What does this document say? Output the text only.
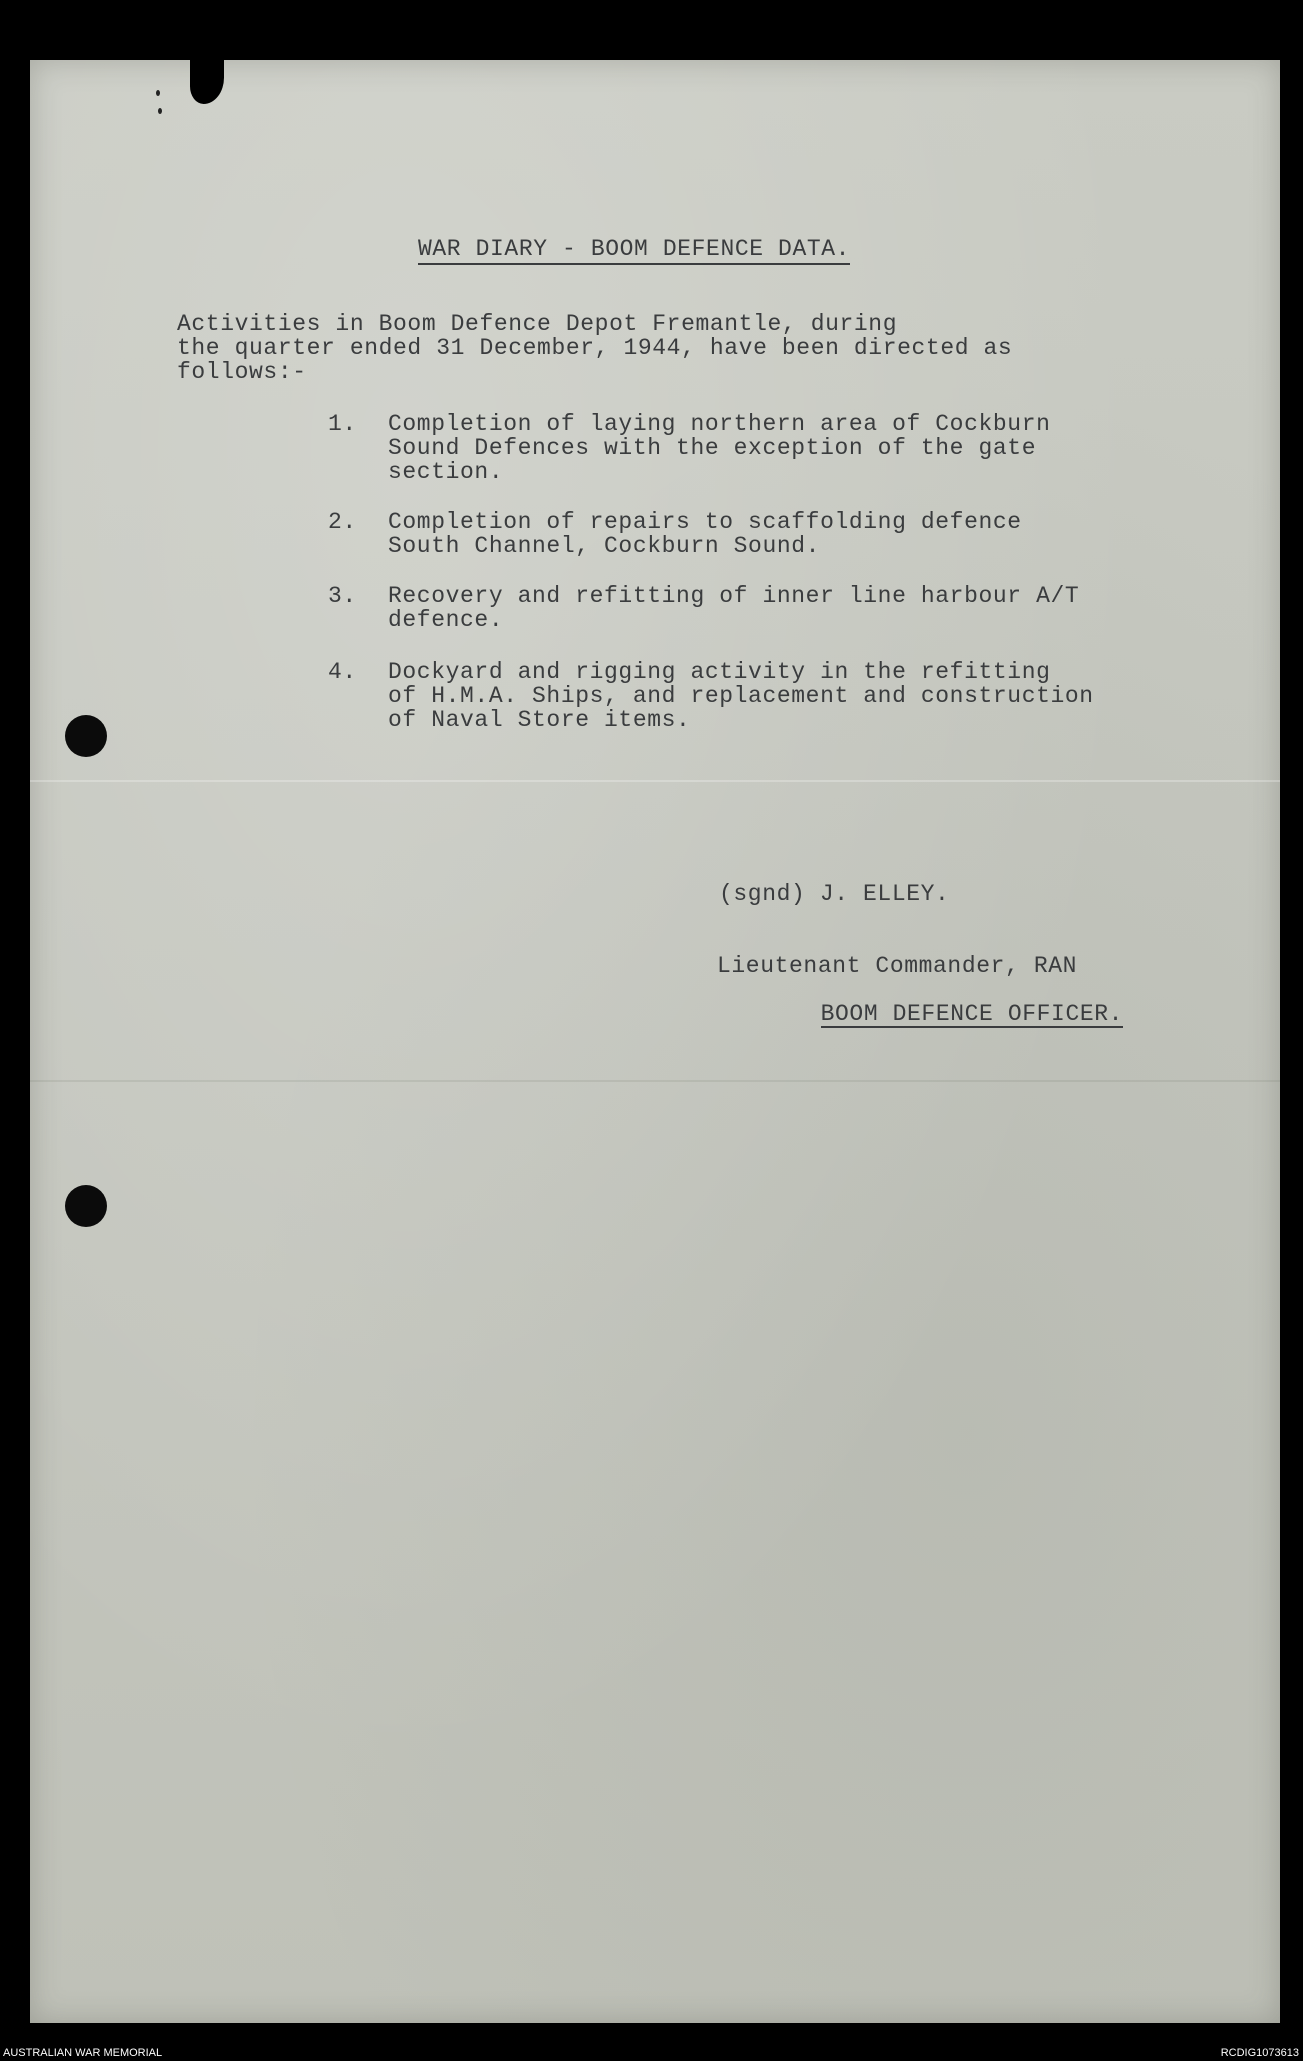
WAR DIARY - BOOM DEFENCE DATA.
Activities in Boom Defence Depot Fremantle, during
the quarter ended 31 December, 1944, have been directed as
follows:-
1. Completion of laying northern area of Cockburn
Sound Defences with the exception of the gate
section.
2. Completion of repairs to scaffolding defence
South Channel, Cockburn Sound.
3. Recovery and refitting of inner line harbour A/T
defence.
4. Dockyard and rigging activity in the refitting
of H.M.A. Ships, and replacement and construction
of Naval Store items.

(sgnd) J. ELLEY.

Lieutenant Commander, RAN

BOOM DEFENCE OFFICER.

AUSTRALIAN WAR MEMORIAL	RCDIG1073613
